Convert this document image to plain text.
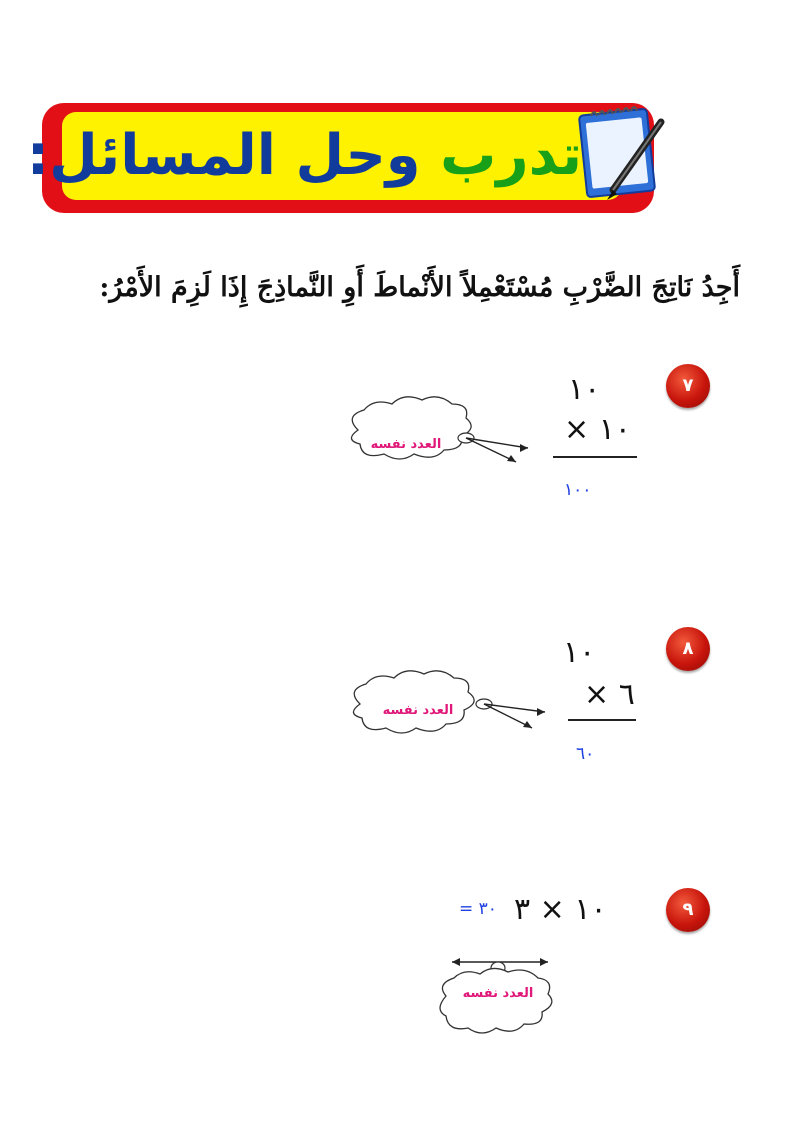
تدرب وحل المسائل:
أَجِدُ نَاتِجَ الضَّرْبِ مُسْتَعْمِلاً الأَنْماطَ أَوِ النَّماذِجَ إِذَا لَزِمَ الأَمْرُ:
٧
١٠
١٠ ×
١٠٠
العدد نفسه
٨
١٠
٦ ×
٦٠
العدد نفسه
٩
١٠ × ٣
٣٠ =
العدد نفسه
